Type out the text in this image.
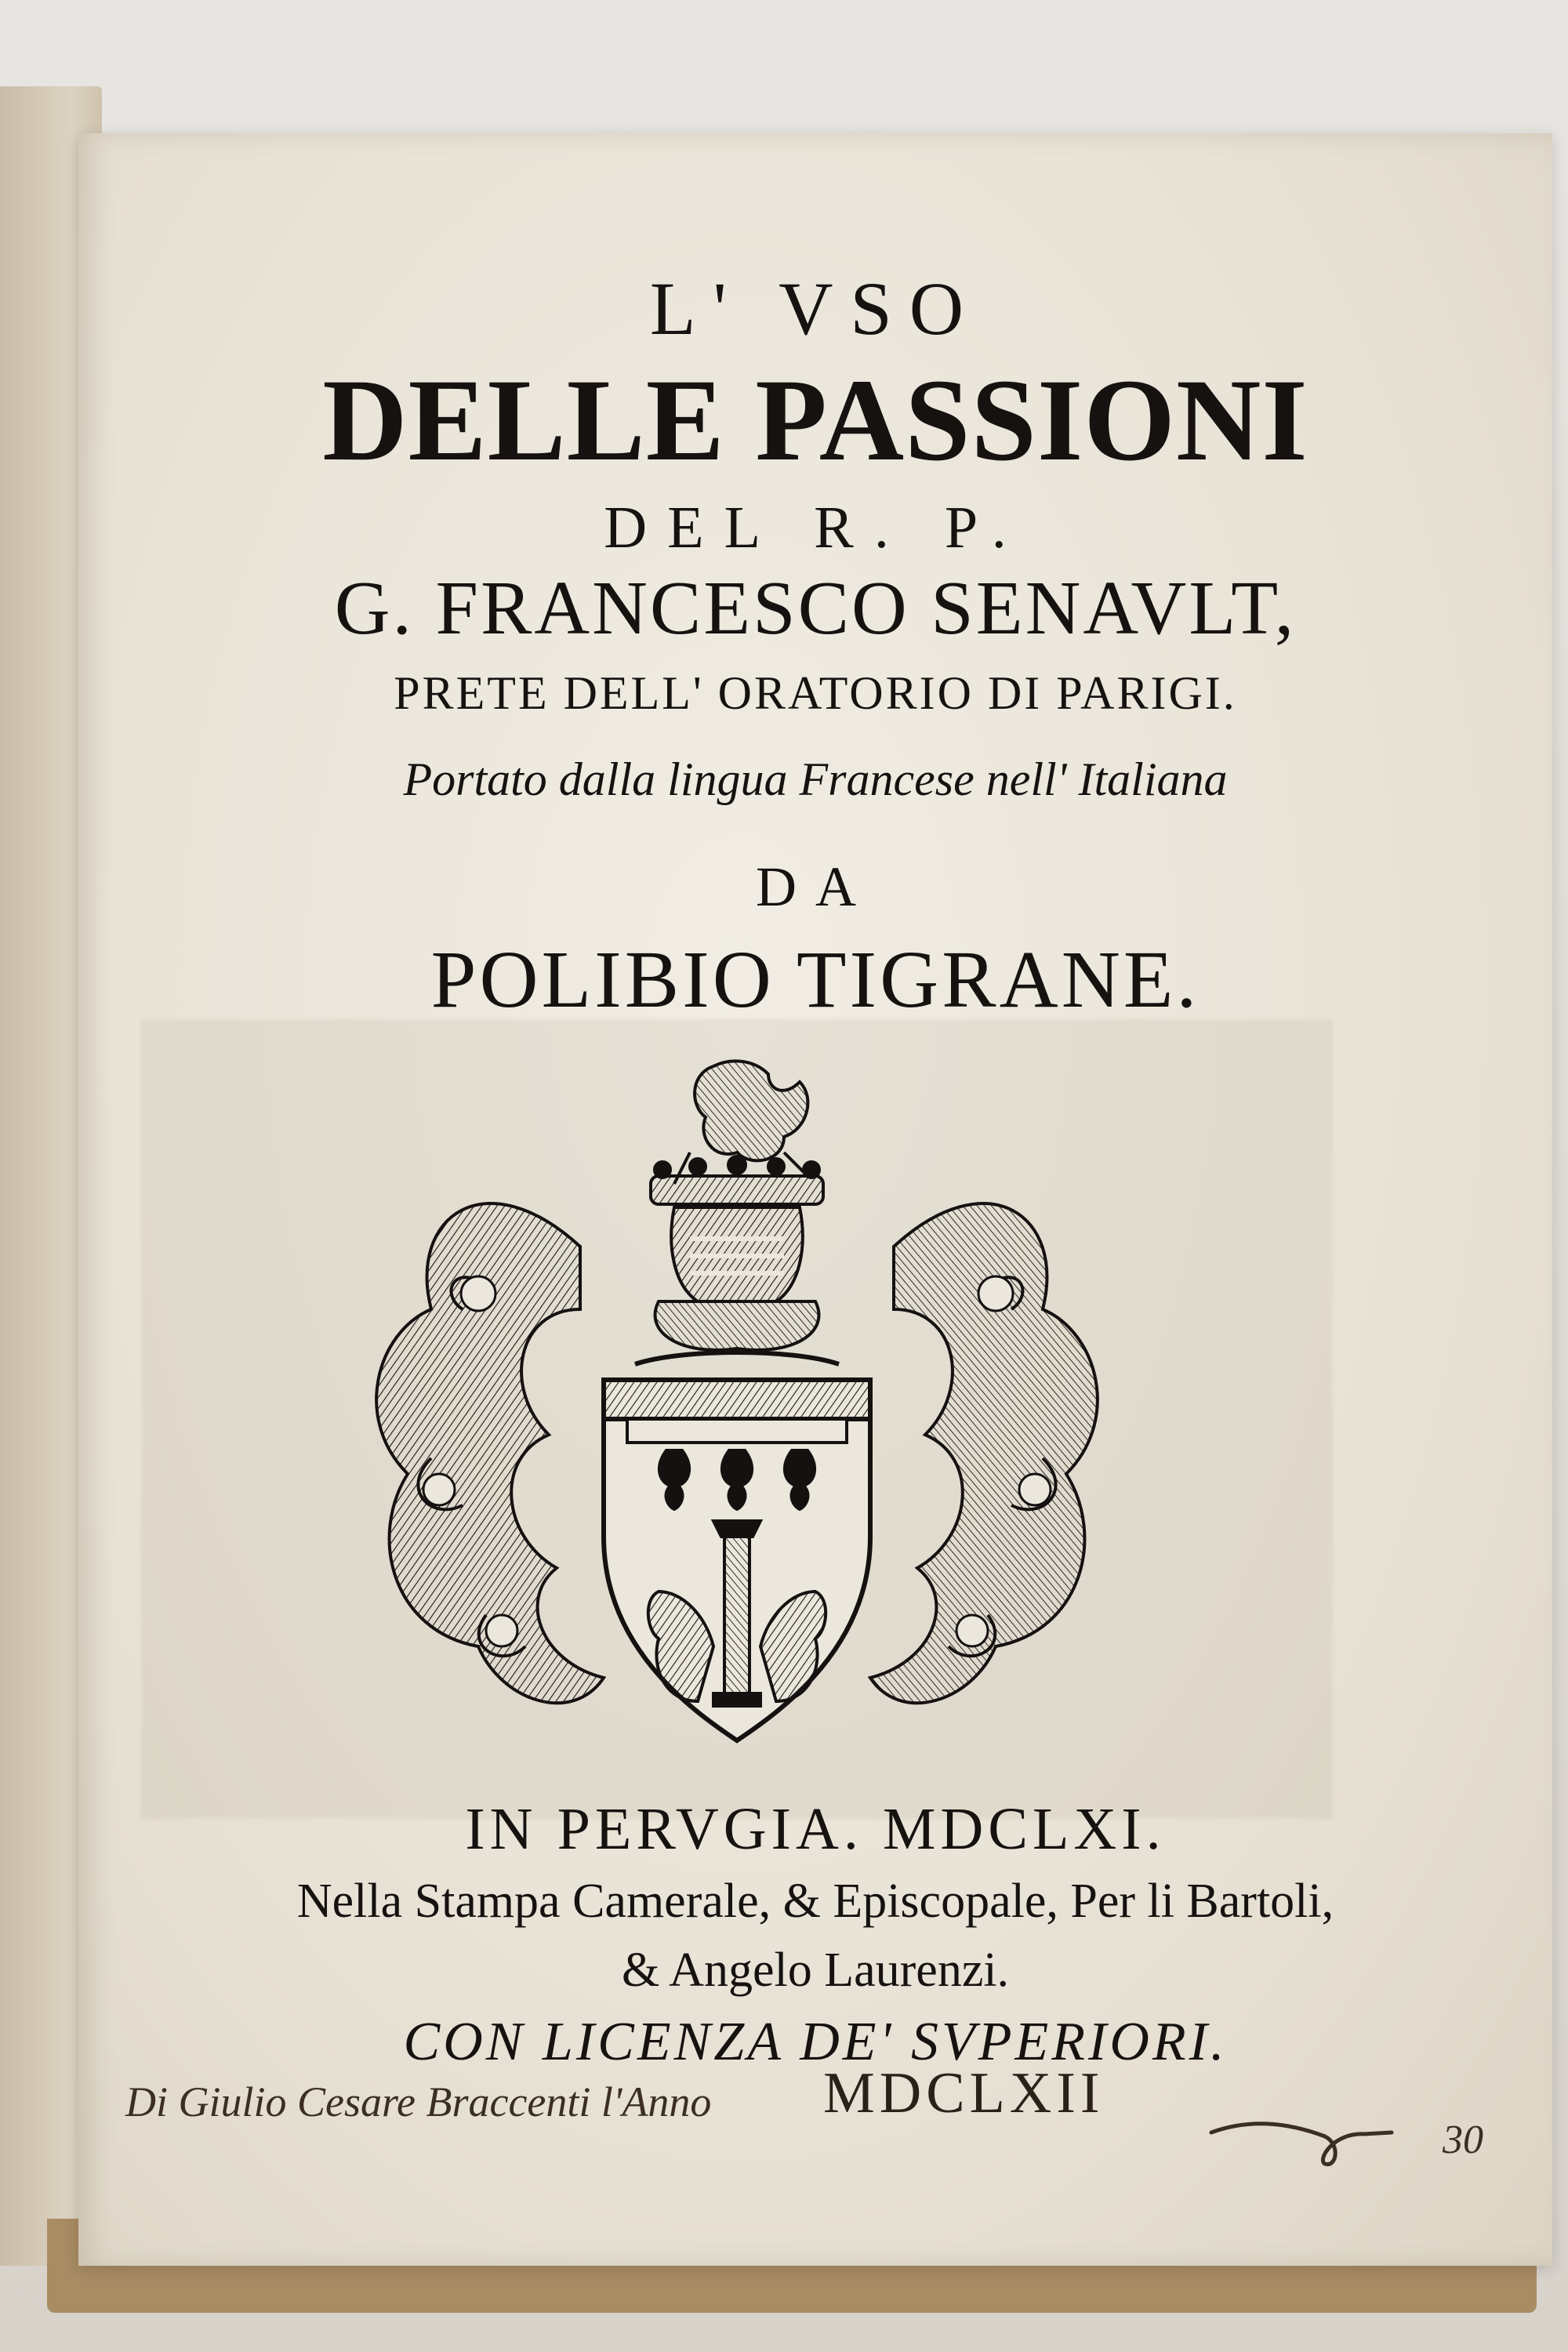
L' VSO
DELLE PASSIONI

DEL R. P.

G. FRANCESCO SENAVLT,

PRETE DELL' ORATORIO DI PARIGI.

Portato dalla lingua Francese nell' Italiana

DA

POLIBIO TIGRANE.

IN PERVGIA. MDCLXI.

Nella Stampa Camerale, & Episcopale, Per li Bartoli,

& Angelo Laurenzi.

CON LICENZA DE' SVPERIORI.

Di Giulio Cesare Braccenti l'Anno MDCLXII
30
